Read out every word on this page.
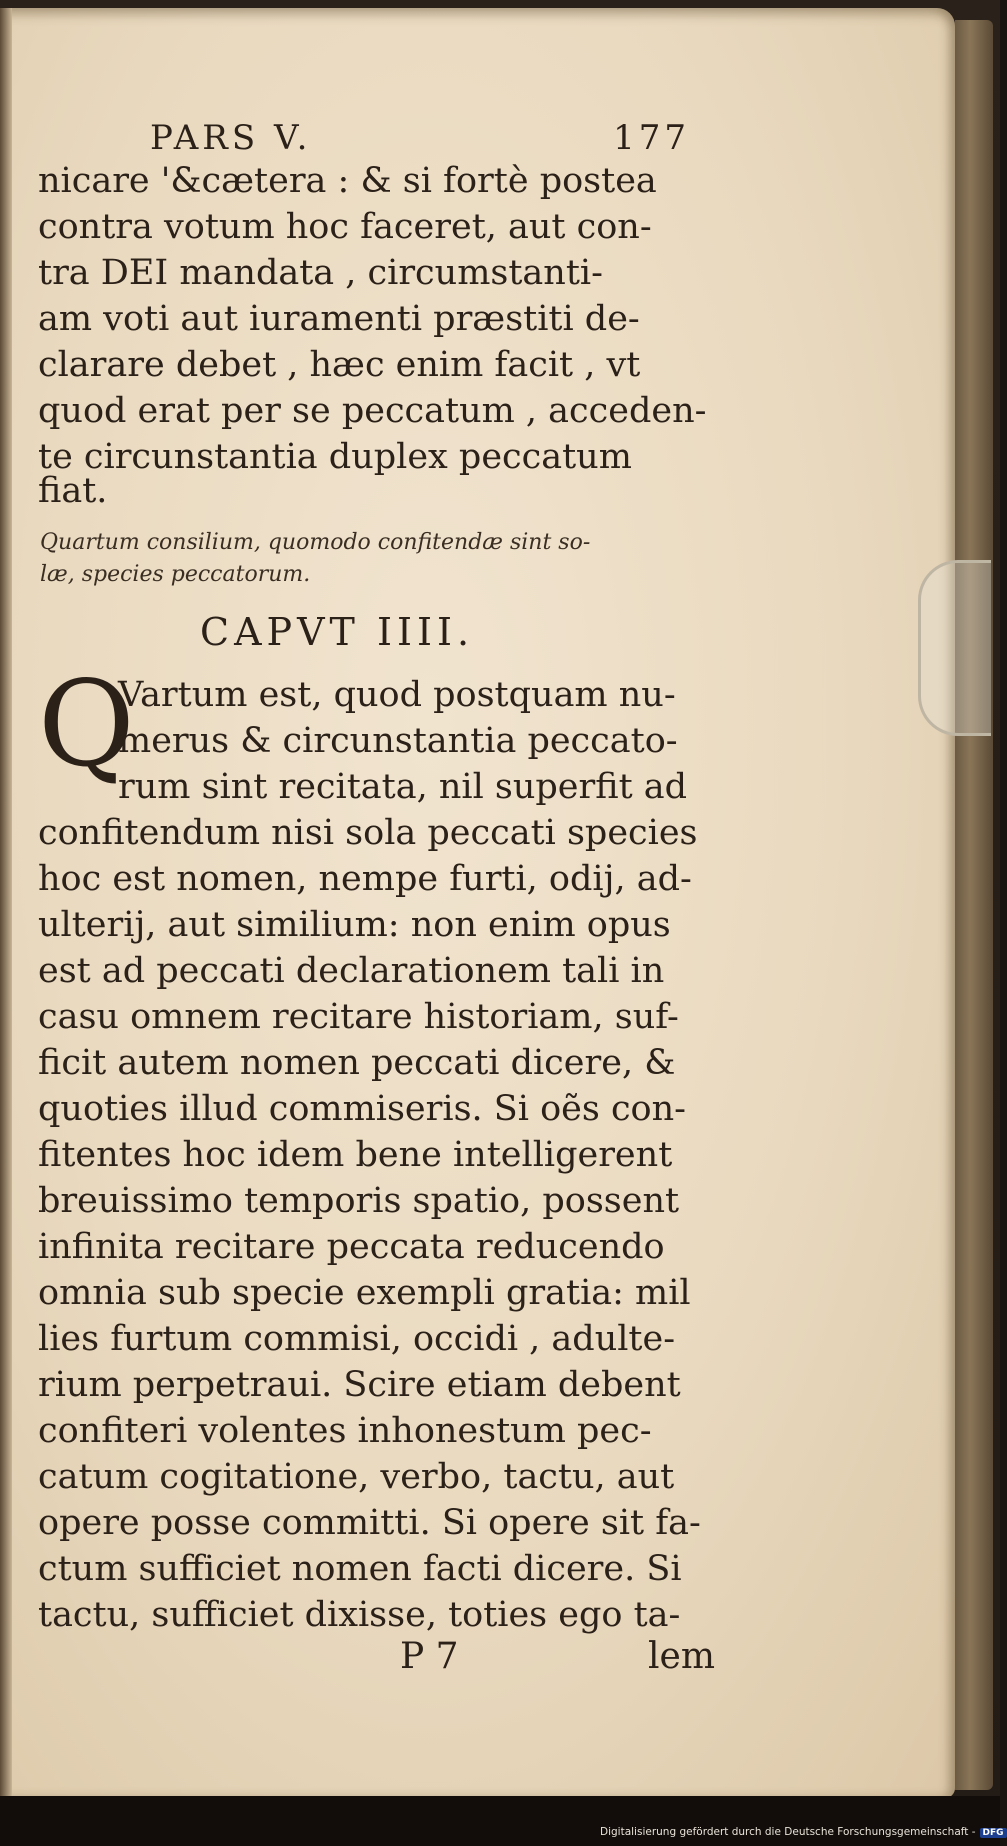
PARS V.

	177

nicare '&cætera : & si fortè postea
contra votum hoc faceret, aut con-
tra DEI mandata , circumstanti-
am voti aut iuramenti præstiti de-
clarare debet , hæc enim facit , vt
quod erat per se peccatum , acceden-
te circunstantia duplex peccatum
fiat.
Quartum consilium, quomodo confitendæ sint so-
læ, species peccatorum.
CAPVT IIII.
Q
Vartum est, quod postquam nu-
merus & circunstantia peccato-
rum sint recitata, nil superfit ad
confitendum nisi sola peccati species
hoc est nomen, nempe furti, odij, ad-
ulterij, aut similium: non enim opus
est ad peccati declarationem tali in
casu omnem recitare historiam, suf-
ficit autem nomen peccati dicere, &
quoties illud commiseris. Si oẽs con-
fitentes hoc idem bene intelligerent
breuissimo temporis spatio, possent
infinita recitare peccata reducendo
omnia sub specie exempli gratia: mil
lies furtum commisi, occidi , adulte-
rium perpetraui. Scire etiam debent
confiteri volentes inhonestum pec-
catum cogitatione, verbo, tactu, aut
opere posse committi. Si opere sit fa-
ctum sufficiet nomen facti dicere. Si
tactu, sufficiet dixisse, toties ego ta-
P 7	lem
Digitalisierung gefördert durch die Deutsche Forschungsgemeinschaft - DFG
